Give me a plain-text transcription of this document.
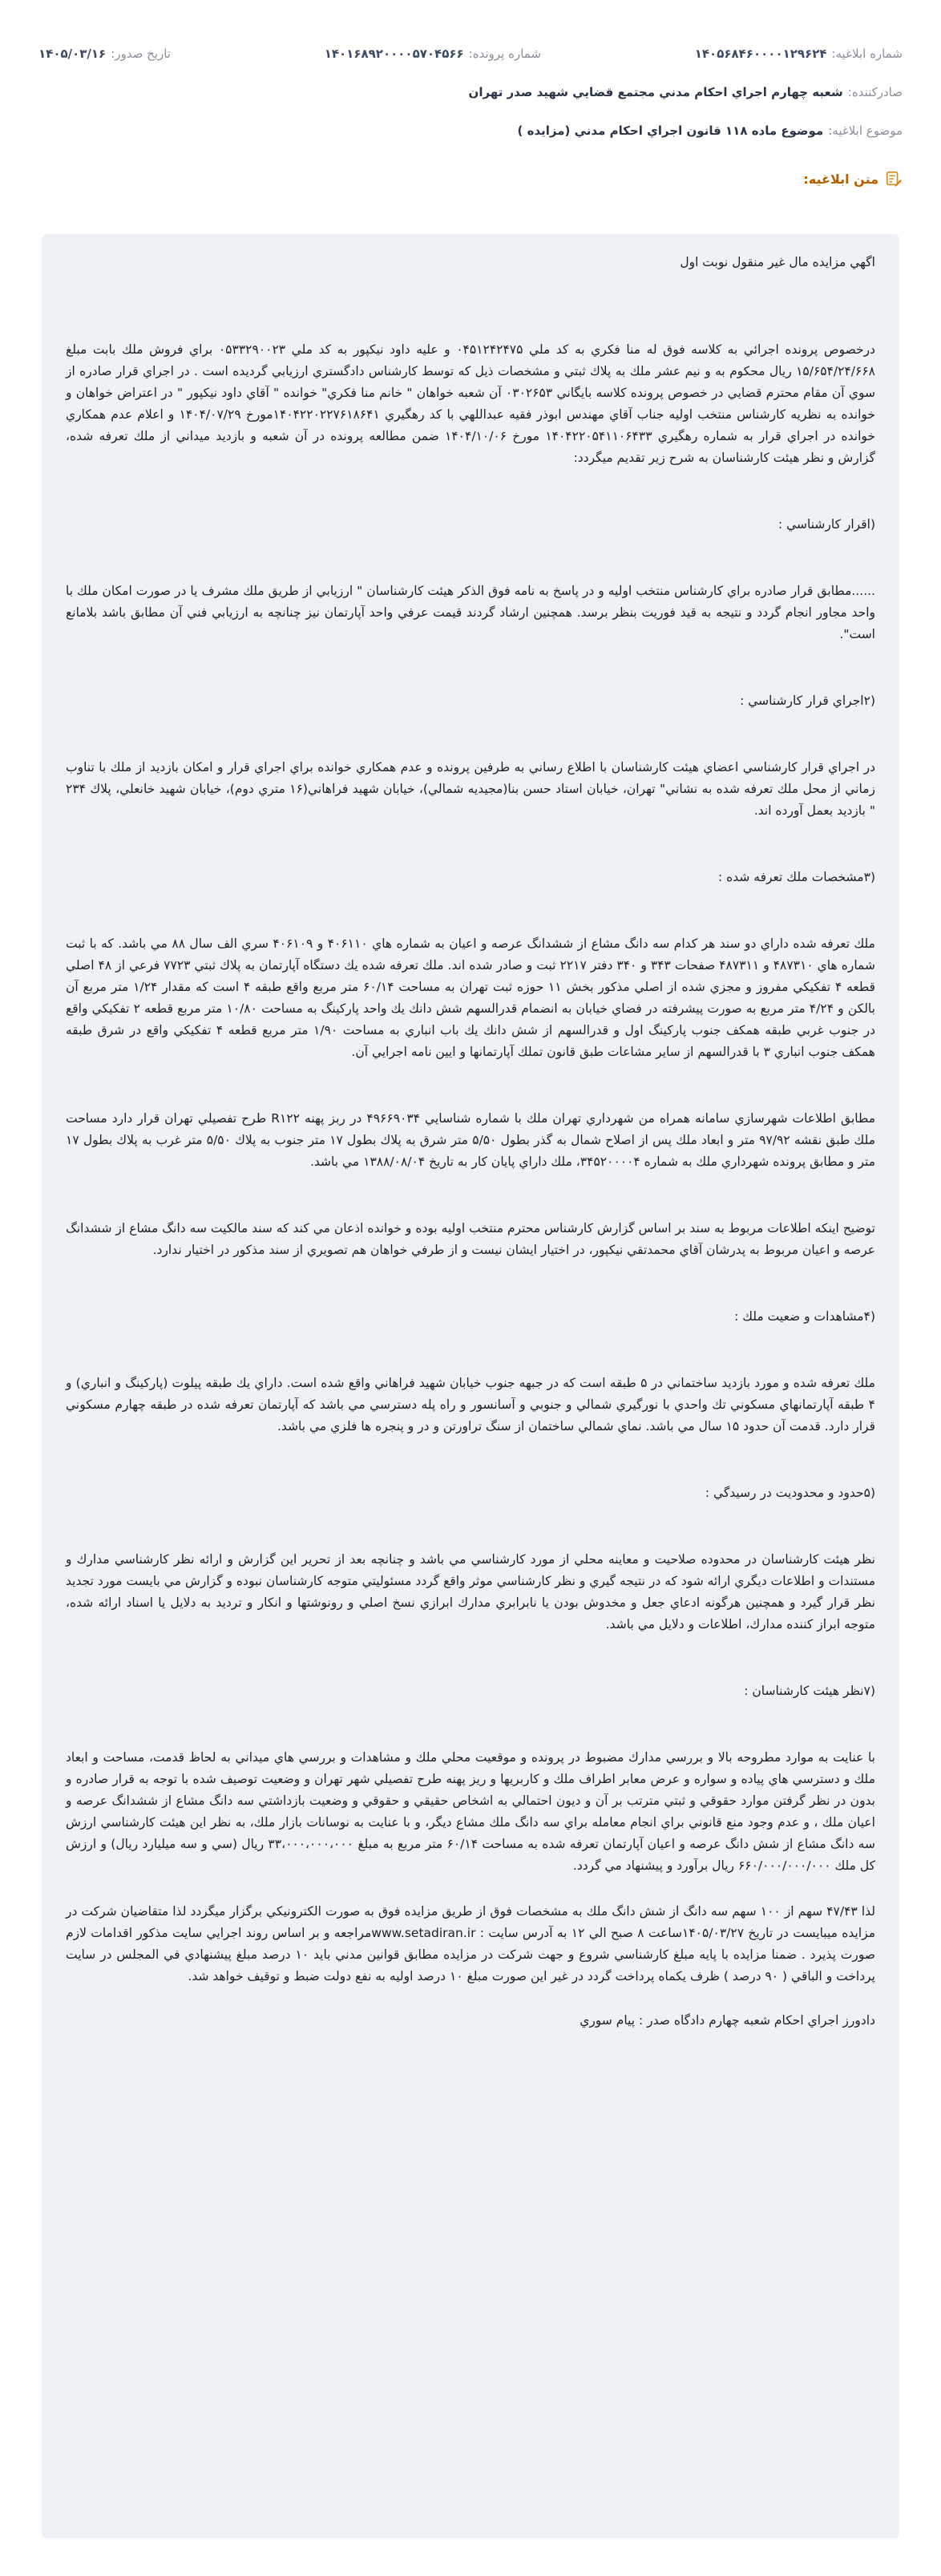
شماره ابلاغیه:
۱۴۰۵۶۸۴۶۰۰۰۰۱۲۹۶۲۴
شماره پرونده:
۱۴۰۱۶۸۹۲۰۰۰۰۵۷۰۴۵۶۶
تاریخ صدور:
۱۴۰۵/۰۳/۱۶
صادرکننده:
شعبه چهارم اجراي احكام مدني مجتمع قضايي شهيد صدر تهران
موضوع ابلاغیه:
موضوع ماده ۱۱۸ قانون اجراي احكام مدني (مزايده )
متن ابلاغیه:

اگهي مزايده مال غير منقول نوبت اول

درخصوص پرونده اجرائي به كلاسه فوق له منا فكري به كد ملي ۰۴۵۱۲۴۲۴۷۵ و عليه داود نيكپور به كد ملي ۰۵۳۳۲۹۰۰۲۳ براي فروش ملك بابت مبلغ ۱۵/۶۵۴/۲۴/۶۶۸ ريال محكوم به و نيم عشر ملك به پلاك ثبتي و مشخصات ذيل كه توسط كارشناس دادگستري ارزيابي گرديده است . در اجراي قرار صادره از سوي آن مقام محترم قضايي در خصوص پرونده كلاسه بايگاني ۰۳۰۲۶۵۳ آن شعبه خواهان " خانم منا فكري" خوانده " آقاي داود نيكپور " در اعتراض خواهان و خوانده به نظريه كارشناس منتخب اوليه جناب آقاي مهندس ابوذر فقيه عبداللهي با كد رهگيري ۱۴۰۴۲۲۰۲۲۷۶۱۸۶۴۱مورخ ۱۴۰۴/۰۷/۲۹ و اعلام عدم همكاري خوانده در اجراي قرار به شماره رهگيري ۱۴۰۴۲۲۰۵۴۱۱۰۶۴۳۳ مورخ ۱۴۰۴/۱۰/۰۶ ضمن مطالعه پرونده در آن شعبه و بازديد ميداني از ملك تعرفه شده، گزارش و نظر هيئت كارشناسان به شرح زير تقديم ميگردد:

(اقرار كارشناسي :

......مطابق قرار صادره براي كارشناس منتخب اوليه و در پاسخ به نامه فوق الذكر هيئت كارشناسان " ارزيابي از طريق ملك مشرف يا در صورت امكان ملك با واحد مجاور انجام گردد و نتيجه به قيد فوريت بنظر برسد. همچنين ارشاد گردند قيمت عرفي واحد آپارتمان نيز چنانچه به ارزيابي فني آن مطابق باشد بلامانع است".

(۲اجراي قرار كارشناسي :

در اجراي قرار كارشناسي اعضاي هيئت كارشناسان با اطلاع رساني به طرفين پرونده و عدم همكاري خوانده براي اجراي قرار و امكان بازديد از ملك با تناوب زماني از محل ملك تعرفه شده به نشاني" تهران، خيابان استاد حسن بنا(مجيديه شمالي)، خيابان شهيد فراهاني(۱۶ متري دوم)، خيابان شهيد خانعلي، پلاك ۲۳۴ " بازديد بعمل آورده اند.

(۳مشخصات ملك تعرفه شده :

ملك تعرفه شده داراي دو سند هر كدام سه دانگ مشاع از ششدانگ عرصه و اعيان به شماره هاي ۴۰۶۱۱۰ و ۴۰۶۱۰۹ سري الف سال ۸۸ مي باشد. كه با ثبت شماره هاي ۴۸۷۳۱۰ و ۴۸۷۳۱۱ صفحات ۳۴۳ و ۳۴۰ دفتر ۲۲۱۷ ثبت و صادر شده اند. ملك تعرفه شده يك دستگاه آپارتمان به پلاك ثبتي ۷۷۲۳ فرعي از ۴۸ اصلي قطعه ۴ تفكيكي مفروز و مجزي شده از اصلي مذكور بخش ۱۱ حوزه ثبت تهران به مساحت ۶۰/۱۴ متر مربع واقع طبقه ۴ است كه مقدار ۱/۲۴ متر مربع آن بالكن و ۴/۲۴ متر مربع به صورت پيشرفته در فضاي خيابان به انضمام قدرالسهم شش دانك يك واحد پاركينگ به مساحت ۱۰/۸۰ متر مربع قطعه ۲ تفكيكي واقع در جنوب غربي طبقه همكف جنوب پاركينگ اول و قدرالسهم از شش دانك يك باب انباري به مساحت ۱/۹۰ متر مربع قطعه ۴ تفكيكي واقع در شرق طبقه همكف جنوب انباري ۳ با قدرالسهم از ساير مشاعات طبق قانون تملك آپارتمانها و ايين نامه اجرايي آن.

مطابق اطلاعات شهرسازي سامانه همراه من شهرداري تهران ملك با شماره شناسايي ۴۹۶۶۹۰۳۴ در ربز پهنه R۱۲۲ طرح تفصيلي تهران قرار دارد مساحت ملك طبق نقشه ۹۷/۹۲ متر و ابعاد ملك پس از اصلاح شمال به گذر بطول ۵/۵۰ متر شرق به پلاك بطول ۱۷ متر جنوب به پلاك ۵/۵۰ متر غرب به پلاك بطول ۱۷ متر و مطابق پرونده شهرداري ملك به شماره ۳۴۵۲۰۰۰۰۴، ملك داراي پايان كار به تاريخ ۱۳۸۸/۰۸/۰۴ مي باشد.

توضيح اينكه اطلاعات مربوط به سند بر اساس گزارش كارشناس محترم منتخب اوليه بوده و خوانده اذعان مي كند كه سند مالكيت سه دانگ مشاع از ششدانگ عرصه و اعيان مربوط به پدرشان آقاي محمدتقي نيكپور، در اختيار ايشان نيست و از طرفي خواهان هم تصويري از سند مذكور در اختيار ندارد.

(۴مشاهدات و ضعيت ملك :

ملك تعرفه شده و مورد بازديد ساختماني در ۵ طبقه است كه در جبهه جنوب خيابان شهيد فراهاني واقع شده است. داراي يك طبقه پيلوت (پاركينگ و انباري) و ۴ طبقه آپارتمانهاي مسكوني تك واحدي با نورگيري شمالي و جنوبي و آسانسور و راه پله دسترسي مي باشد كه آپارتمان تعرفه شده در طبقه چهارم مسكوني قرار دارد. قدمت آن حدود ۱۵ سال مي باشد. نماي شمالي ساختمان از سنگ تراورتن و در و پنجره ها فلزي مي باشد.

(۵حدود و محدوديت در رسيدگي :

نظر هيئت كارشناسان در محدوده صلاحيت و معاينه محلي از مورد كارشناسي مي باشد و چنانچه بعد از تحرير اين گزارش و ارائه نظر كارشناسي مدارك و مستندات و اطلاعات ديگري ارائه شود كه در نتيجه گيري و نظر كارشناسي موثر واقع گردد مسئوليتي متوجه كارشناسان نبوده و گزارش مي بايست مورد تجديد نظر قرار گيرد و همچنين هرگونه ادعاي جعل و مخدوش بودن يا نابرابري مدارك ابرازي نسخ اصلي و رونوشتها و انكار و ترديد به دلايل يا اسناد ارائه شده، متوجه ابراز كننده مدارك، اطلاعات و دلايل مي باشد.

(۷نظر هيئت كارشناسان :

با عنايت به موارد مطروحه بالا و بررسي مدارك مضبوط در پرونده و موقعيت محلي ملك و مشاهدات و بررسي هاي ميداني به لحاظ قدمت، مساحت و ابعاد ملك و دسترسي هاي پياده و سواره و عرض معابر اطراف ملك و كاربريها و ريز پهنه طرح تفصيلي شهر تهران و وضعيت توصيف شده با توجه به قرار صادره و بدون در نظر گرفتن موارد حقوقي و ثبتي مترتب بر آن و ديون احتمالي به اشخاص حقيقي و حقوقي و وضعيت بازداشتي سه دانگ مشاع از ششدانگ عرصه و اعيان ملك ، و عدم وجود منع قانوني براي انجام معامله براي سه دانگ ملك مشاع ديگر، و با عنايت به نوسانات بازار ملك، به نظر اين هيئت كارشناسي ارزش سه دانگ مشاع از شش دانگ عرصه و اعيان آپارتمان تعرفه شده به مساحت ۶۰/۱۴ متر مربع به مبلغ ۳۳،۰۰۰،۰۰۰،۰۰۰ ريال (سي و سه ميليارد ريال) و ارزش كل ملك ۶۶۰/۰۰۰/۰۰۰/۰۰۰ ريال برآورد و پيشنهاد مي گردد.

لذا ۴۷/۴۳ سهم از ۱۰۰ سهم سه دانگ از شش دانگ ملك به مشخصات فوق از طريق مزايده فوق به صورت الكترونيكي برگزار ميگردد لذا متقاضيان شركت در مزايده ميبايست در تاريخ ۱۴۰۵/۰۳/۲۷ساعت ۸ صبح الي ۱۲ به آدرس سايت : www.setadiran.irمراجعه و بر اساس روند اجرايي سايت مذكور اقدامات لازم صورت پذيرد . ضمنا مزايده با پايه مبلغ كارشناسي شروع و جهت شركت در مزايده مطابق قوانين مدني بايد ۱۰ درصد مبلغ پيشنهادي في المجلس در سايت پرداخت و الباقي ( ۹۰ درصد ) ظرف يكماه پرداخت گردد در غير اين صورت مبلغ ۱۰ درصد اوليه به نفع دولت ضبط و توقيف خواهد شد.

دادورز اجراي احكام شعبه چهارم دادگاه صدر : پيام سوري
